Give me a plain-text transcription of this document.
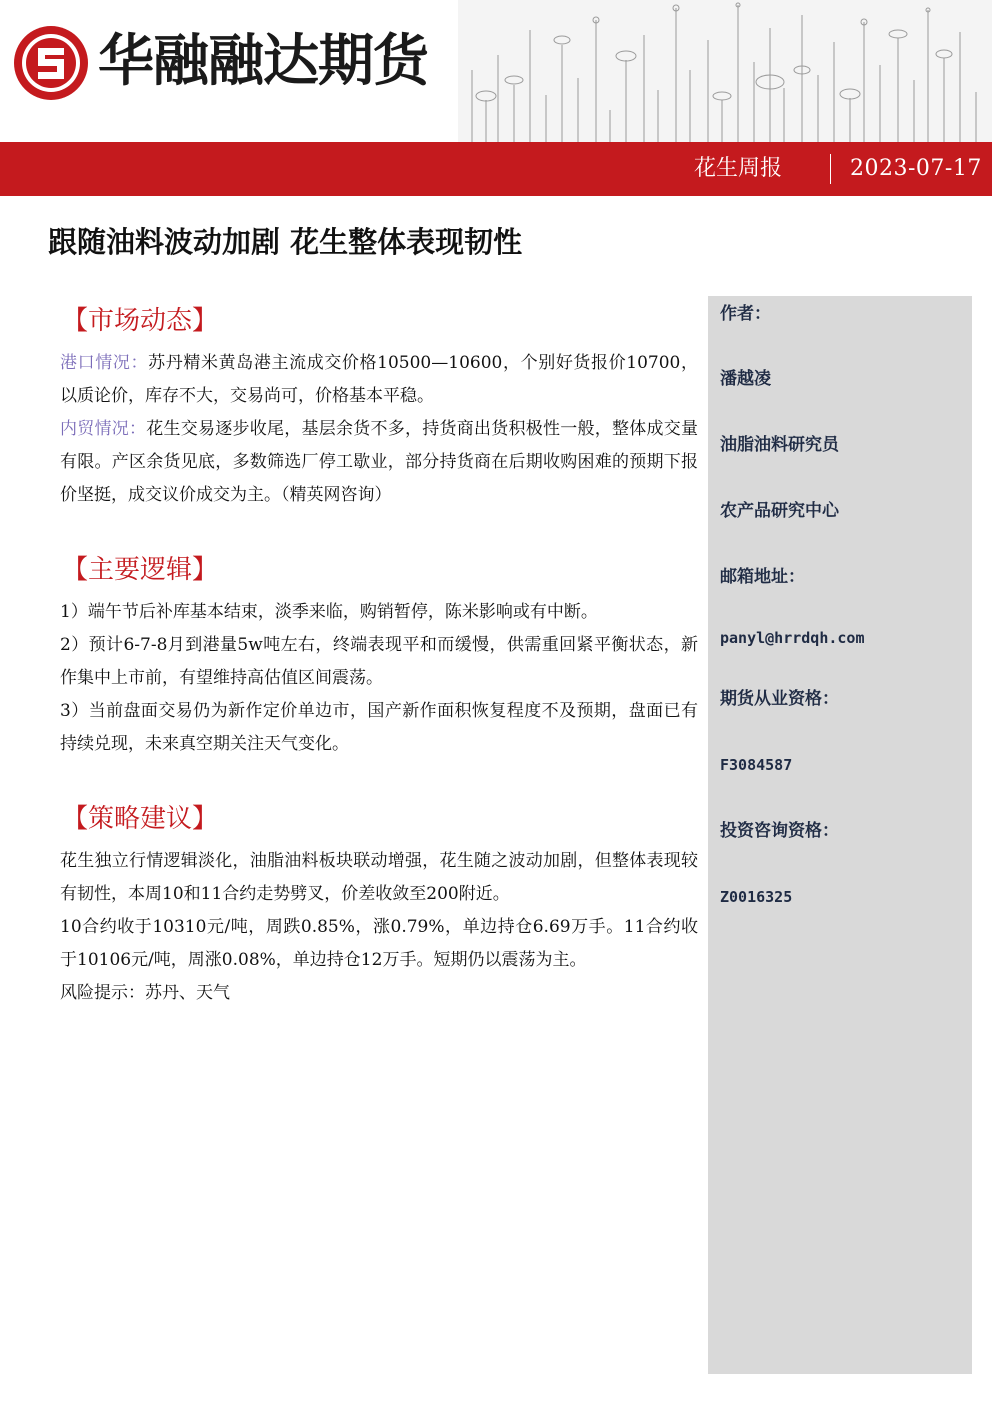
华融融达期货
花生周报	2023-07-17
跟随油料波动加剧 花生整体表现韧性
【市场动态】
港口情况：苏丹精米黄岛港主流成交价格10500—10600，个别好货报价10700，以质论价，库存不大，交易尚可，价格基本平稳。
内贸情况：花生交易逐步收尾，基层余货不多，持货商出货积极性一般，整体成交量有限。产区余货见底，多数筛选厂停工歇业，部分持货商在后期收购困难的预期下报价坚挺，成交议价成交为主。（精英网咨询）
【主要逻辑】
1）端午节后补库基本结束，淡季来临，购销暂停，陈米影响或有中断。
2）预计6-7-8月到港量5w吨左右，终端表现平和而缓慢，供需重回紧平衡状态，新作集中上市前，有望维持高估值区间震荡。
3）当前盘面交易仍为新作定价单边市，国产新作面积恢复程度不及预期，盘面已有持续兑现，未来真空期关注天气变化。
【策略建议】
花生独立行情逻辑淡化，油脂油料板块联动增强，花生随之波动加剧，但整体表现较有韧性，本周10和11合约走势劈叉，价差收敛至200附近。
10合约收于10310元/吨，周跌0.85%，涨0.79%，单边持仓6.69万手。11合约收于10106元/吨，周涨0.08%，单边持仓12万手。短期仍以震荡为主。
风险提示：苏丹、天气
作者：
潘越凌
油脂油料研究员
农产品研究中心
邮箱地址：
panyl@hrrdqh.com
期货从业资格：
F3084587
投资咨询资格：
Z0016325
